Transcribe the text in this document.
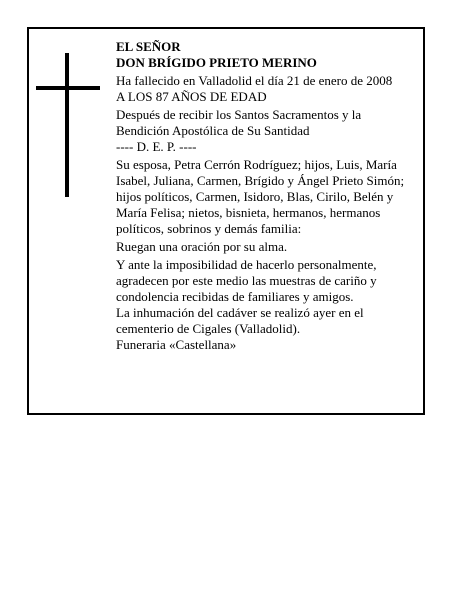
EL SEÑOR

DON BRÍGIDO PRIETO MERINO

Ha fallecido en Valladolid el día 21 de enero de 2008

A LOS 87 AÑOS DE EDAD

Después de recibir los Santos Sacramentos y la Bendición Apostólica de Su Santidad

---- D. E. P. ----

Su esposa, Petra Cerrón Rodríguez; hijos, Luis, María Isabel, Juliana, Carmen, Brígido y Ángel Prieto Simón; hijos políticos, Carmen, Isidoro, Blas, Cirilo, Belén y María Felisa; nietos, bisnieta, hermanos, hermanos políticos, sobrinos y demás familia:

Ruegan una oración por su alma.

Y ante la imposibilidad de hacerlo personalmente, agradecen por este medio las muestras de cariño y condolencia recibidas de familiares y amigos.

La inhumación del cadáver se realizó ayer en el cementerio de Cigales (Valladolid).

Funeraria «Castellana»
